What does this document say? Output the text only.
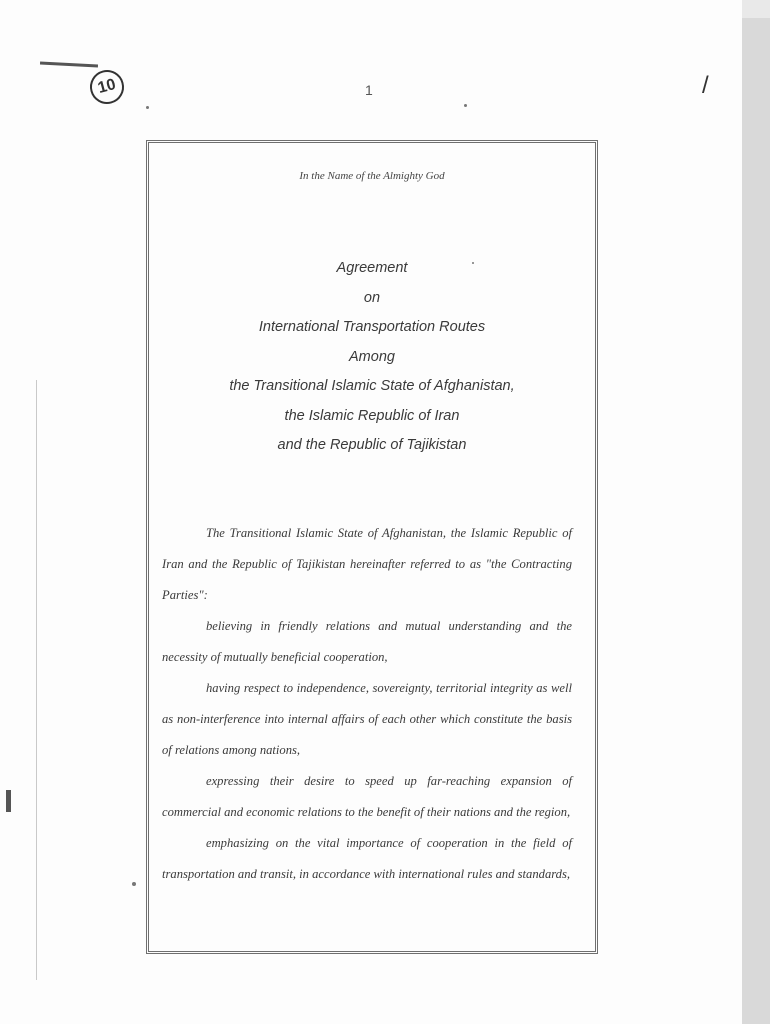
10	1	/
In the Name of the Almighty God
Agreement
on
International Transportation Routes
Among
the Transitional Islamic State of Afghanistan,
the Islamic Republic of Iran
and the Republic of Tajikistan
The Transitional Islamic State of Afghanistan, the Islamic Republic of Iran and the Republic of Tajikistan hereinafter referred to as "the Contracting Parties":
believing in friendly relations and mutual understanding and the necessity of mutually beneficial cooperation,
having respect to independence, sovereignty, territorial integrity as well as non-interference into internal affairs of each other which constitute the basis of relations among nations,
expressing their desire to speed up far-reaching expansion of commercial and economic relations to the benefit of their nations and the region,
emphasizing on the vital importance of cooperation in the field of transportation and transit, in accordance with international rules and standards,
